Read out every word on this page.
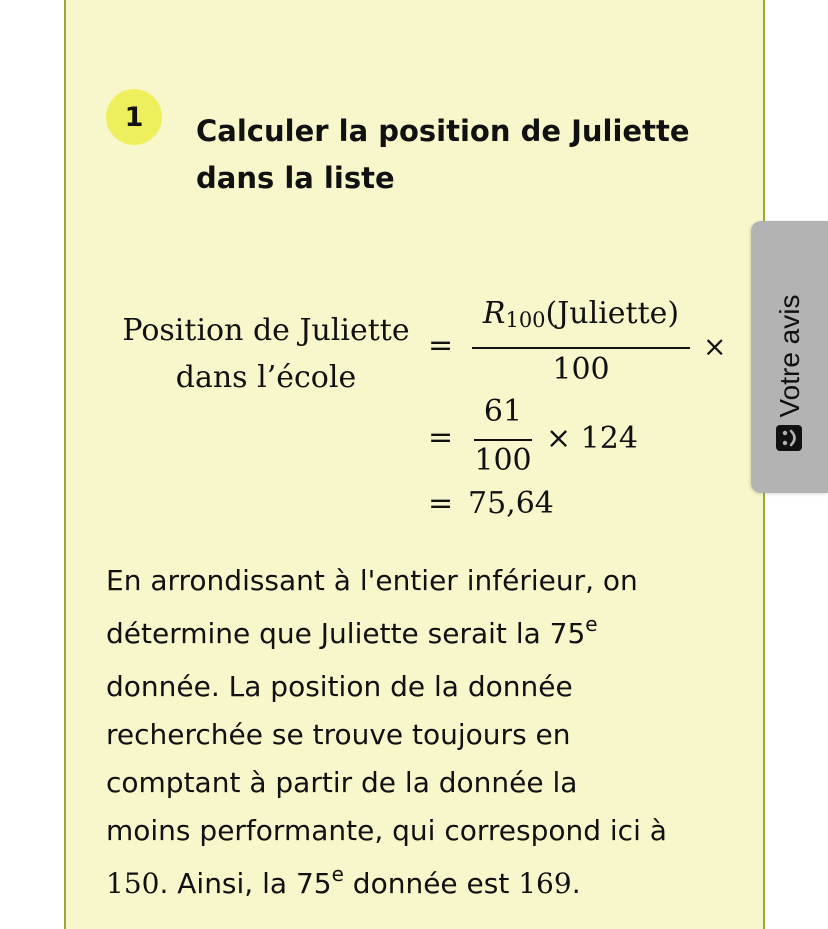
1	Calculer la position de Juliette dans la liste
Position de Juliette
dans l’école
=
$R_{100}(Juliette)$
100
×
=
61
100
× 124
= 75,64
En arrondissant à l'entier inférieur, on
détermine que Juliette serait la 75e
donnée. La position de la donnée
recherchée se trouve toujours en
comptant à partir de la donnée la
moins performante, qui correspond ici à
150. Ainsi, la 75e donnée est 169.
Votre avis
